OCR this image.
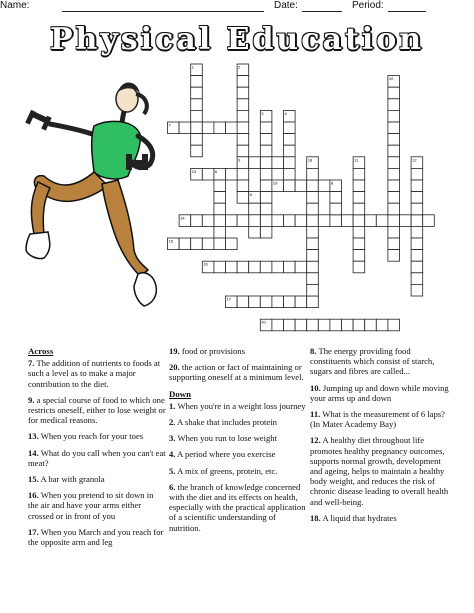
Name:	Date:	Period:
Physical Education
1	2
3	4
5
6
7
8
9
10
11	12
13
14
15
16
17
18
19
20
Across
7. The addition of nutrients to foods at such a level as to make a major contribution to the diet.
9. a special course of food to which one restricts oneself, either to lose weight or for medical reasons.
13. When you reach for your toes
14. What do you call when you can't eat meat?
15. A bar with granola
16. When you pretend to sit down in the air and have your arms either crossed or in front of you
17. When you March and you reach for the opposite arm and leg
19. food or provisions
20. the action or fact of maintaining or supporting oneself at a minimum level.
Down
1. When you're in a weight loss journey
2. A shake that includes protein
3. When you run to lose weight
4. A period where you exercise
5. A mix of greens, protein, etc.
6. the branch of knowledge concerned with the diet and its effects on health, especially with the practical application of a scientific understanding of nutrition.
8. The energy providing food constituents which consist of starch, sugars and fibres are called...
10. Jumping up and down while moving your arms up and down
11. What is the measurement of 6 laps? (In Mater Academy Bay)
12. A healthy diet throughout life promotes healthy pregnancy outcomes, supports normal growth, development and ageing, helps to maintain a healthy body weight, and reduces the risk of chronic disease leading to overall health and well-being.
18. A liquid that hydrates
